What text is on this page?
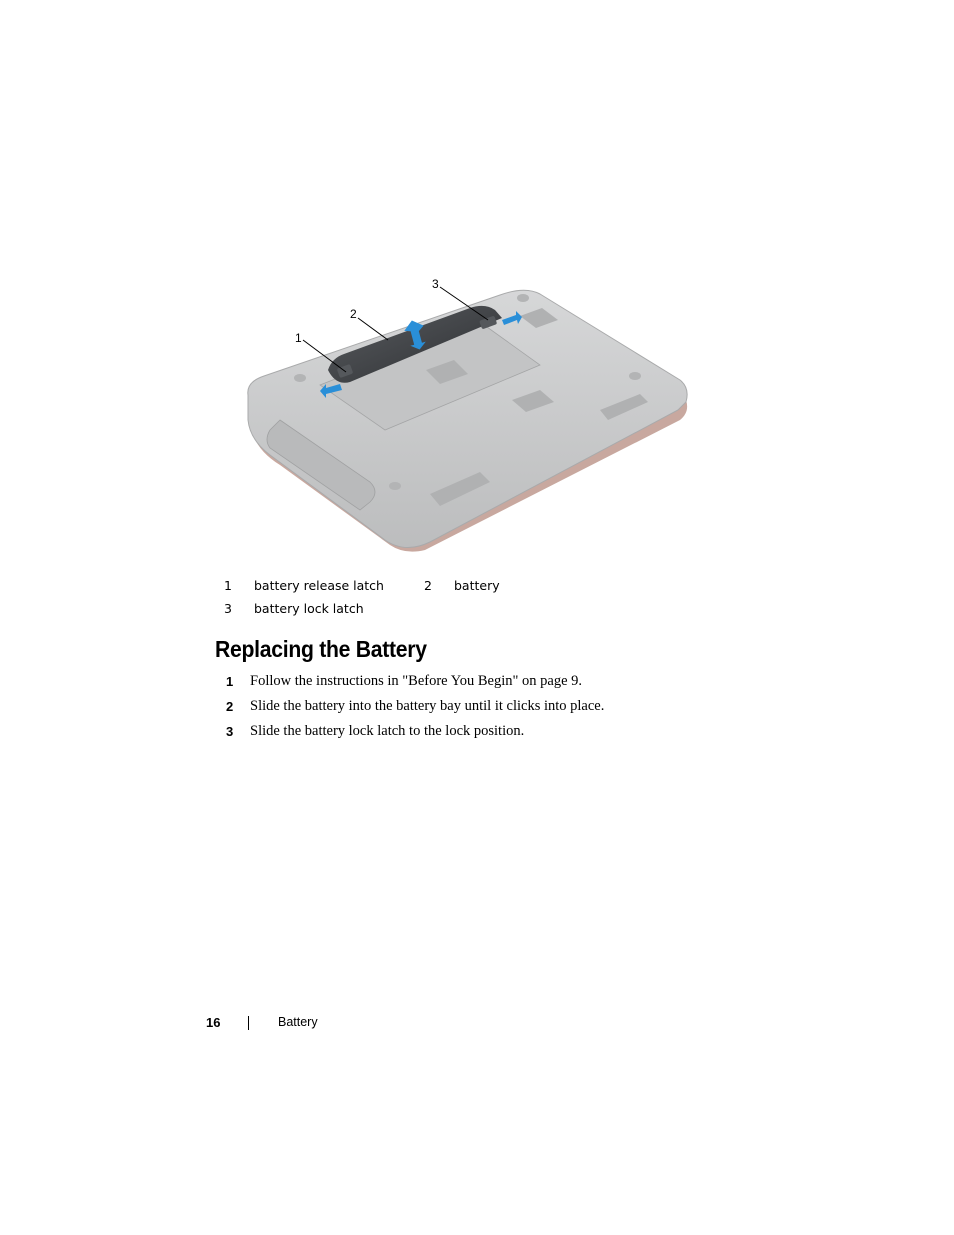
1
2
3
1 battery release latch	2 battery
3 battery lock latch
Replacing the Battery
1 Follow the instructions in "Before You Begin" on page 9.
2 Slide the battery into the battery bay until it clicks into place.
3 Slide the battery lock latch to the lock position.
16	Battery
